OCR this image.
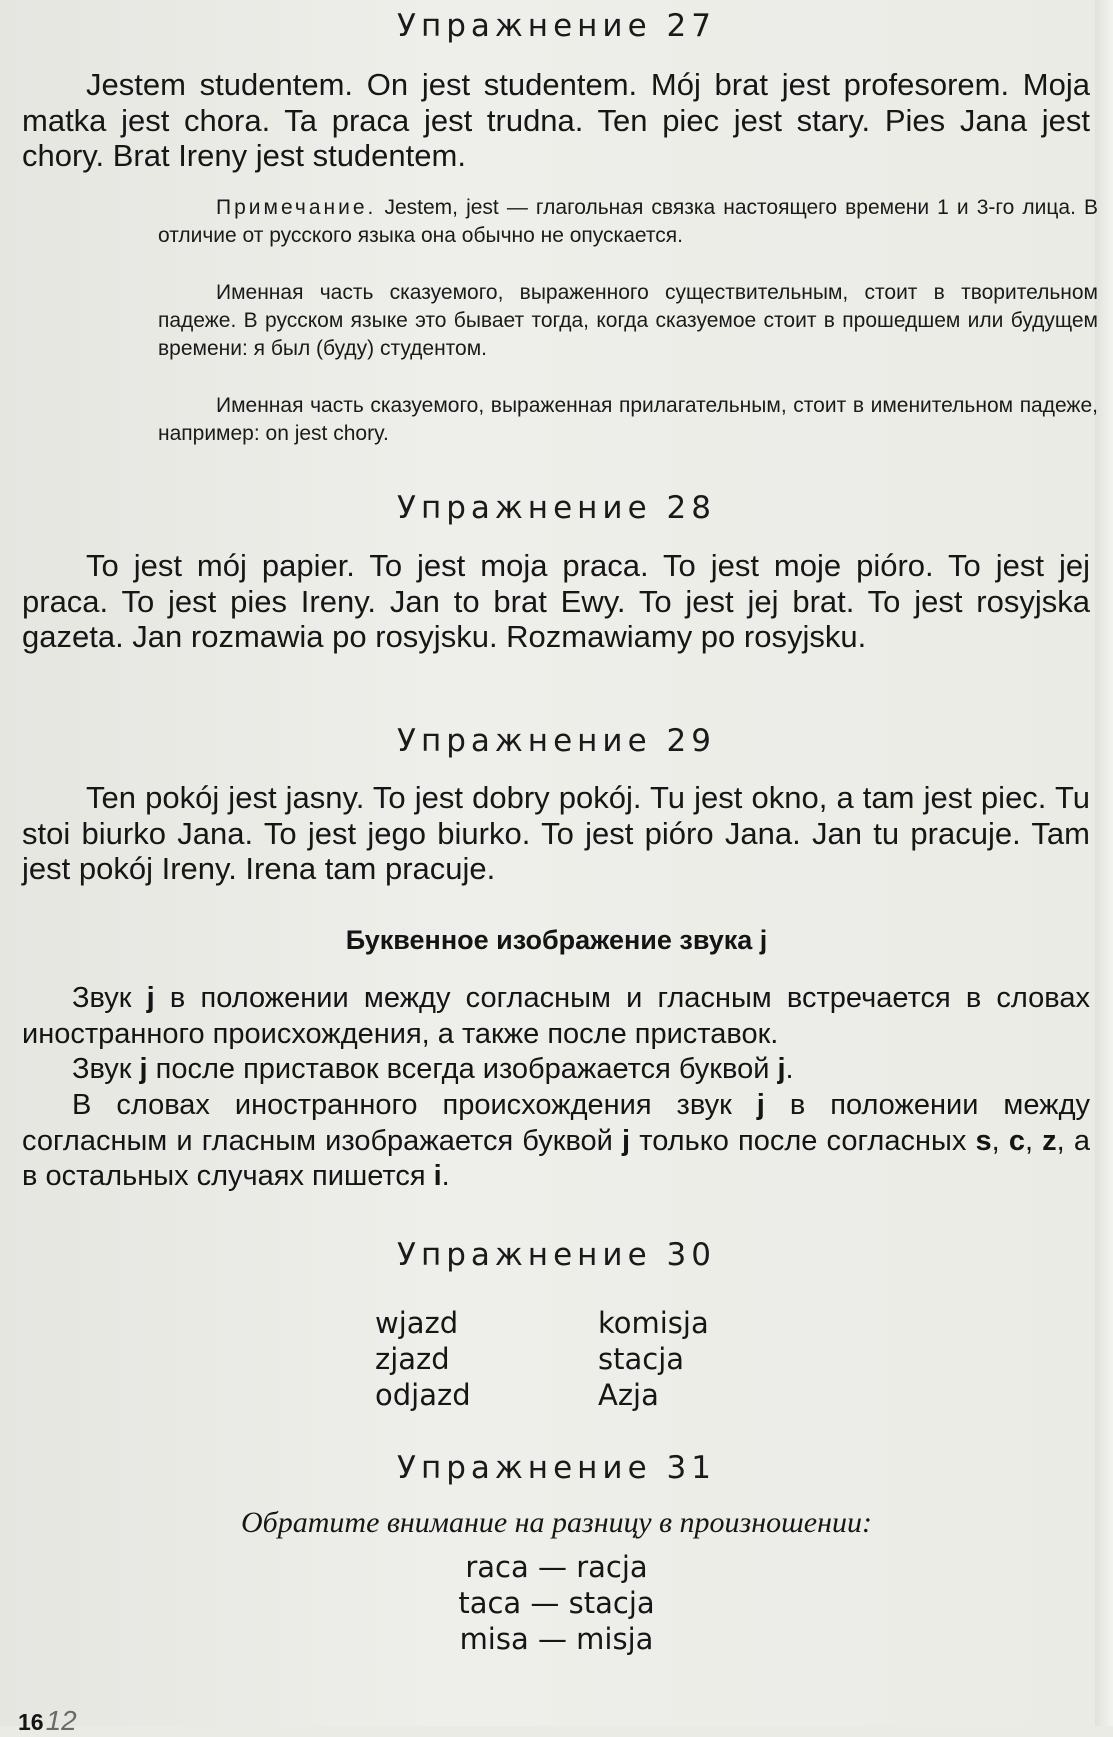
Упражнение 27
Jestem studentem. On jest studentem. Mój brat jest profesorem. Moja matka jest chora. Ta praca jest trudna. Ten piec jest stary. Pies Jana jest chory. Brat Ireny jest studentem.
Примечание. Jestem, jest — глагольная связка настоящего времени 1 и 3-го лица. В отличие от русского языка она обычно не опускается.
Именная часть сказуемого, выраженного существительным, стоит в творительном падеже. В русском языке это бывает тогда, когда сказуемое стоит в прошедшем или будущем времени: я был (буду) студентом.
Именная часть сказуемого, выраженная прилагательным, стоит в именительном падеже, например: on jest chory.
Упражнение 28
To jest mój papier. To jest moja praca. To jest moje pióro. To jest jej praca. To jest pies Ireny. Jan to brat Ewy. To jest jej brat. To jest rosyjska gazeta. Jan rozmawia po rosyjsku. Rozmawiamy po rosyjsku.
Упражнение 29
Ten pokój jest jasny. To jest dobry pokój. Tu jest okno, a tam jest piec. Tu stoi biurko Jana. To jest jego biurko. To jest pióro Jana. Jan tu pracuje. Tam jest pokój Ireny. Irena tam pracuje.
Буквенное изображение звука j
Звук j в положении между согласным и гласным встречается в словах иностранного происхождения, а также после приставок.
Звук j после приставок всегда изображается буквой j.
В словах иностранного происхождения звук j в положении между согласным и гласным изображается буквой j только после согласных s, c, z, а в остальных случаях пишется i.
Упражнение 30
wjazd
zjazd
odjazd
komisja
stacja
Azja
Упражнение 31
Обратите внимание на разницу в произношении:
raca — racja
taca — stacja
misa — misja
1612
